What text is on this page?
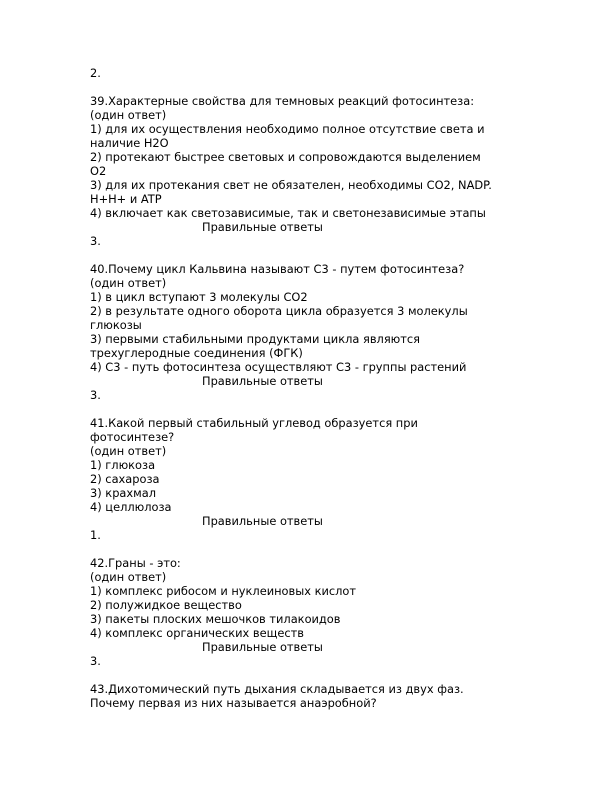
2.
39.Характерные свойства для темновых реакций фотосинтеза:
(один ответ)
1) для их осуществления необходимо полное отсутствие света и
наличие H2O
2) протекают быстрее световых и сопровождаются выделением
O2
3) для их протекания свет не обязателен, необходимы CO2, NADP.
H+H+ и ATP
4) включает как светозависимые, так и светонезависимые этапы
Правильные ответы
3.
40.Почему цикл Кальвина называют С3 - путем фотосинтеза?
(один ответ)
1) в цикл вступают 3 молекулы CO2
2) в результате одного оборота цикла образуется 3 молекулы
глюкозы
3) первыми стабильными продуктами цикла являются
трехуглеродные соединения (ФГК)
4) С3 - путь фотосинтеза осуществляют С3 - группы растений
Правильные ответы
3.
41.Какой первый стабильный углевод образуется при
фотосинтезе?
(один ответ)
1) глюкоза
2) сахароза
3) крахмал
4) целлюлоза
Правильные ответы
1.
42.Граны - это:
(один ответ)
1) комплекс рибосом и нуклеиновых кислот
2) полужидкое вещество
3) пакеты плоских мешочков тилакоидов
4) комплекс органических веществ
Правильные ответы
3.
43.Дихотомический путь дыхания складывается из двух фаз.
Почему первая из них называется анаэробной?
